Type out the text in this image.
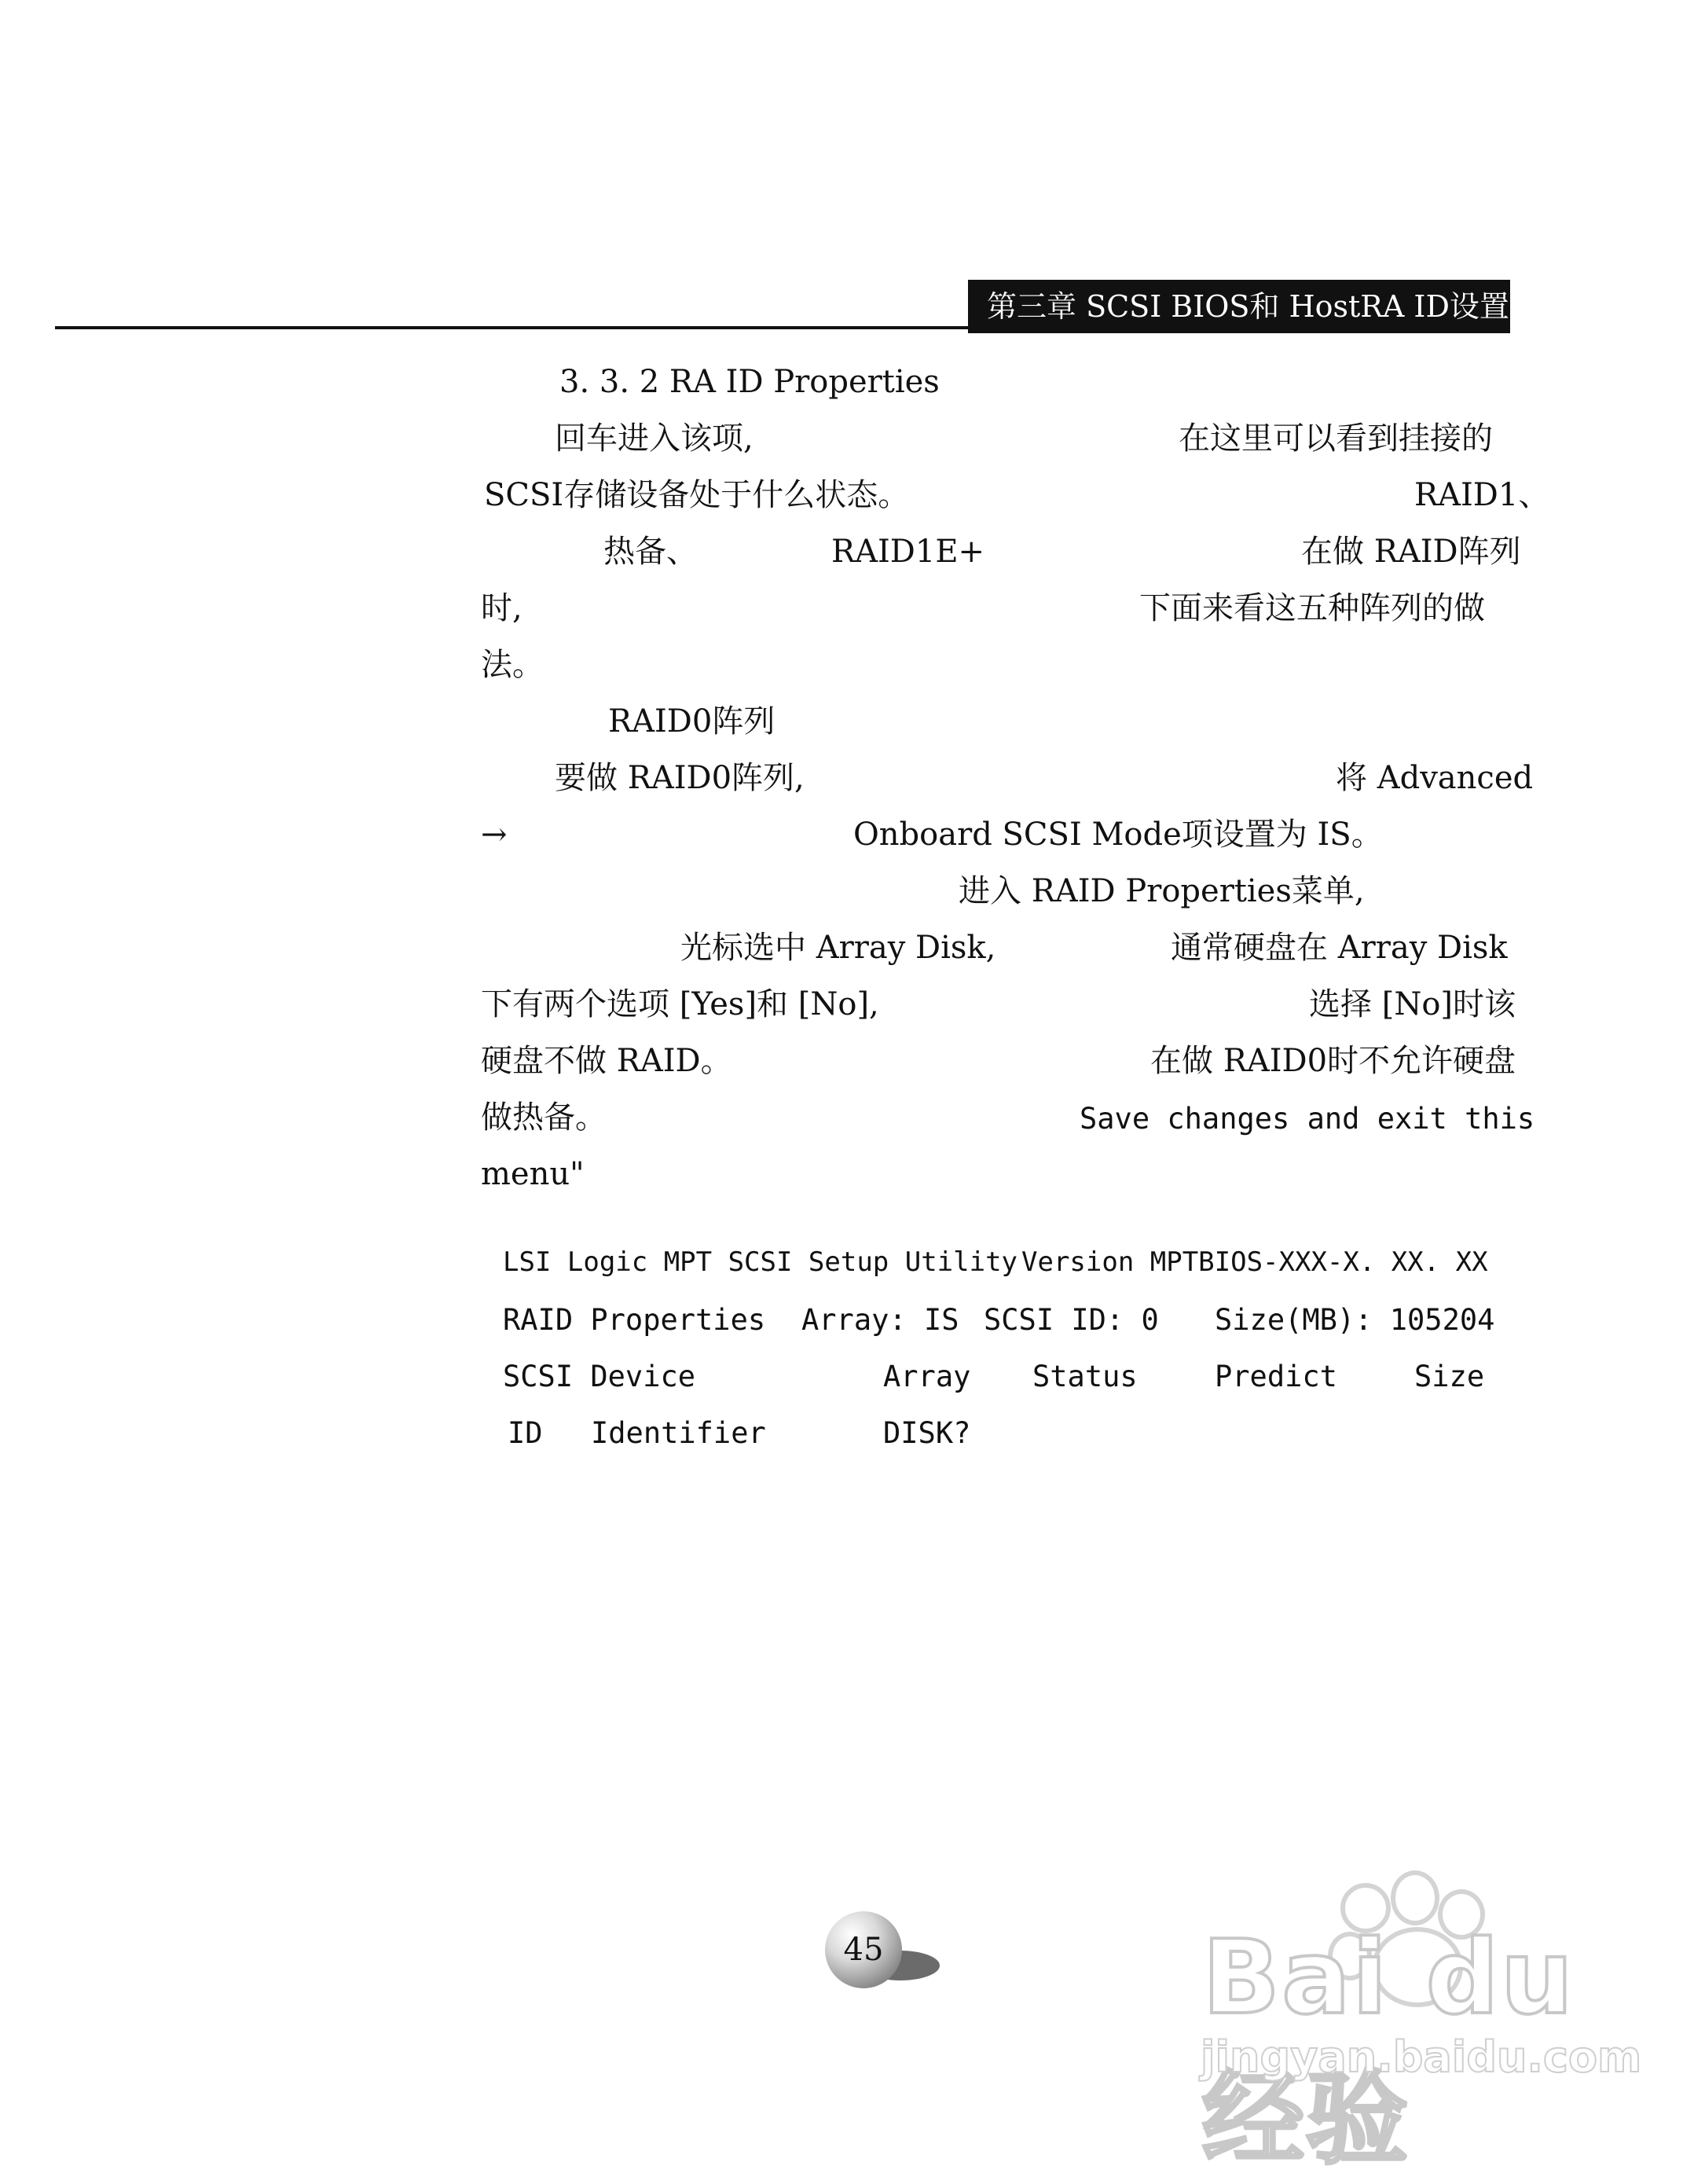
第三章 SCSI BIOS和 HostRA ID设置
3. 3. 2 RA ID Properties
回车进入该项,	在这里可以看到挂接的
SCSI存储设备处于什么状态。	RAID1、
热备、	RAID1E+	在做 RAID阵列
时,	下面来看这五种阵列的做
法。
RAID0阵列
要做 RAID0阵列,	将 Advanced
→	Onboard SCSI Mode项设置为 IS。
进入 RAID Properties菜单,
光标选中 Array Disk,	通常硬盘在 Array Disk
下有两个选项 [Yes]和 [No],	选择 [No]时该
硬盘不做 RAID。	在做 RAID0时不允许硬盘
做热备。	Save changes and exit this
menu"
LSI Logic MPT SCSI Setup Utility Version MPTBIOS-XXX-X. XX. XX
RAID Properties Array: IS SCSI ID: 0 Size(MB): 105204
SCSI Device	Array Status	Predict	Size
ID Identifier	DISK?
45	Bai du 经验
jingyan.baidu.com
